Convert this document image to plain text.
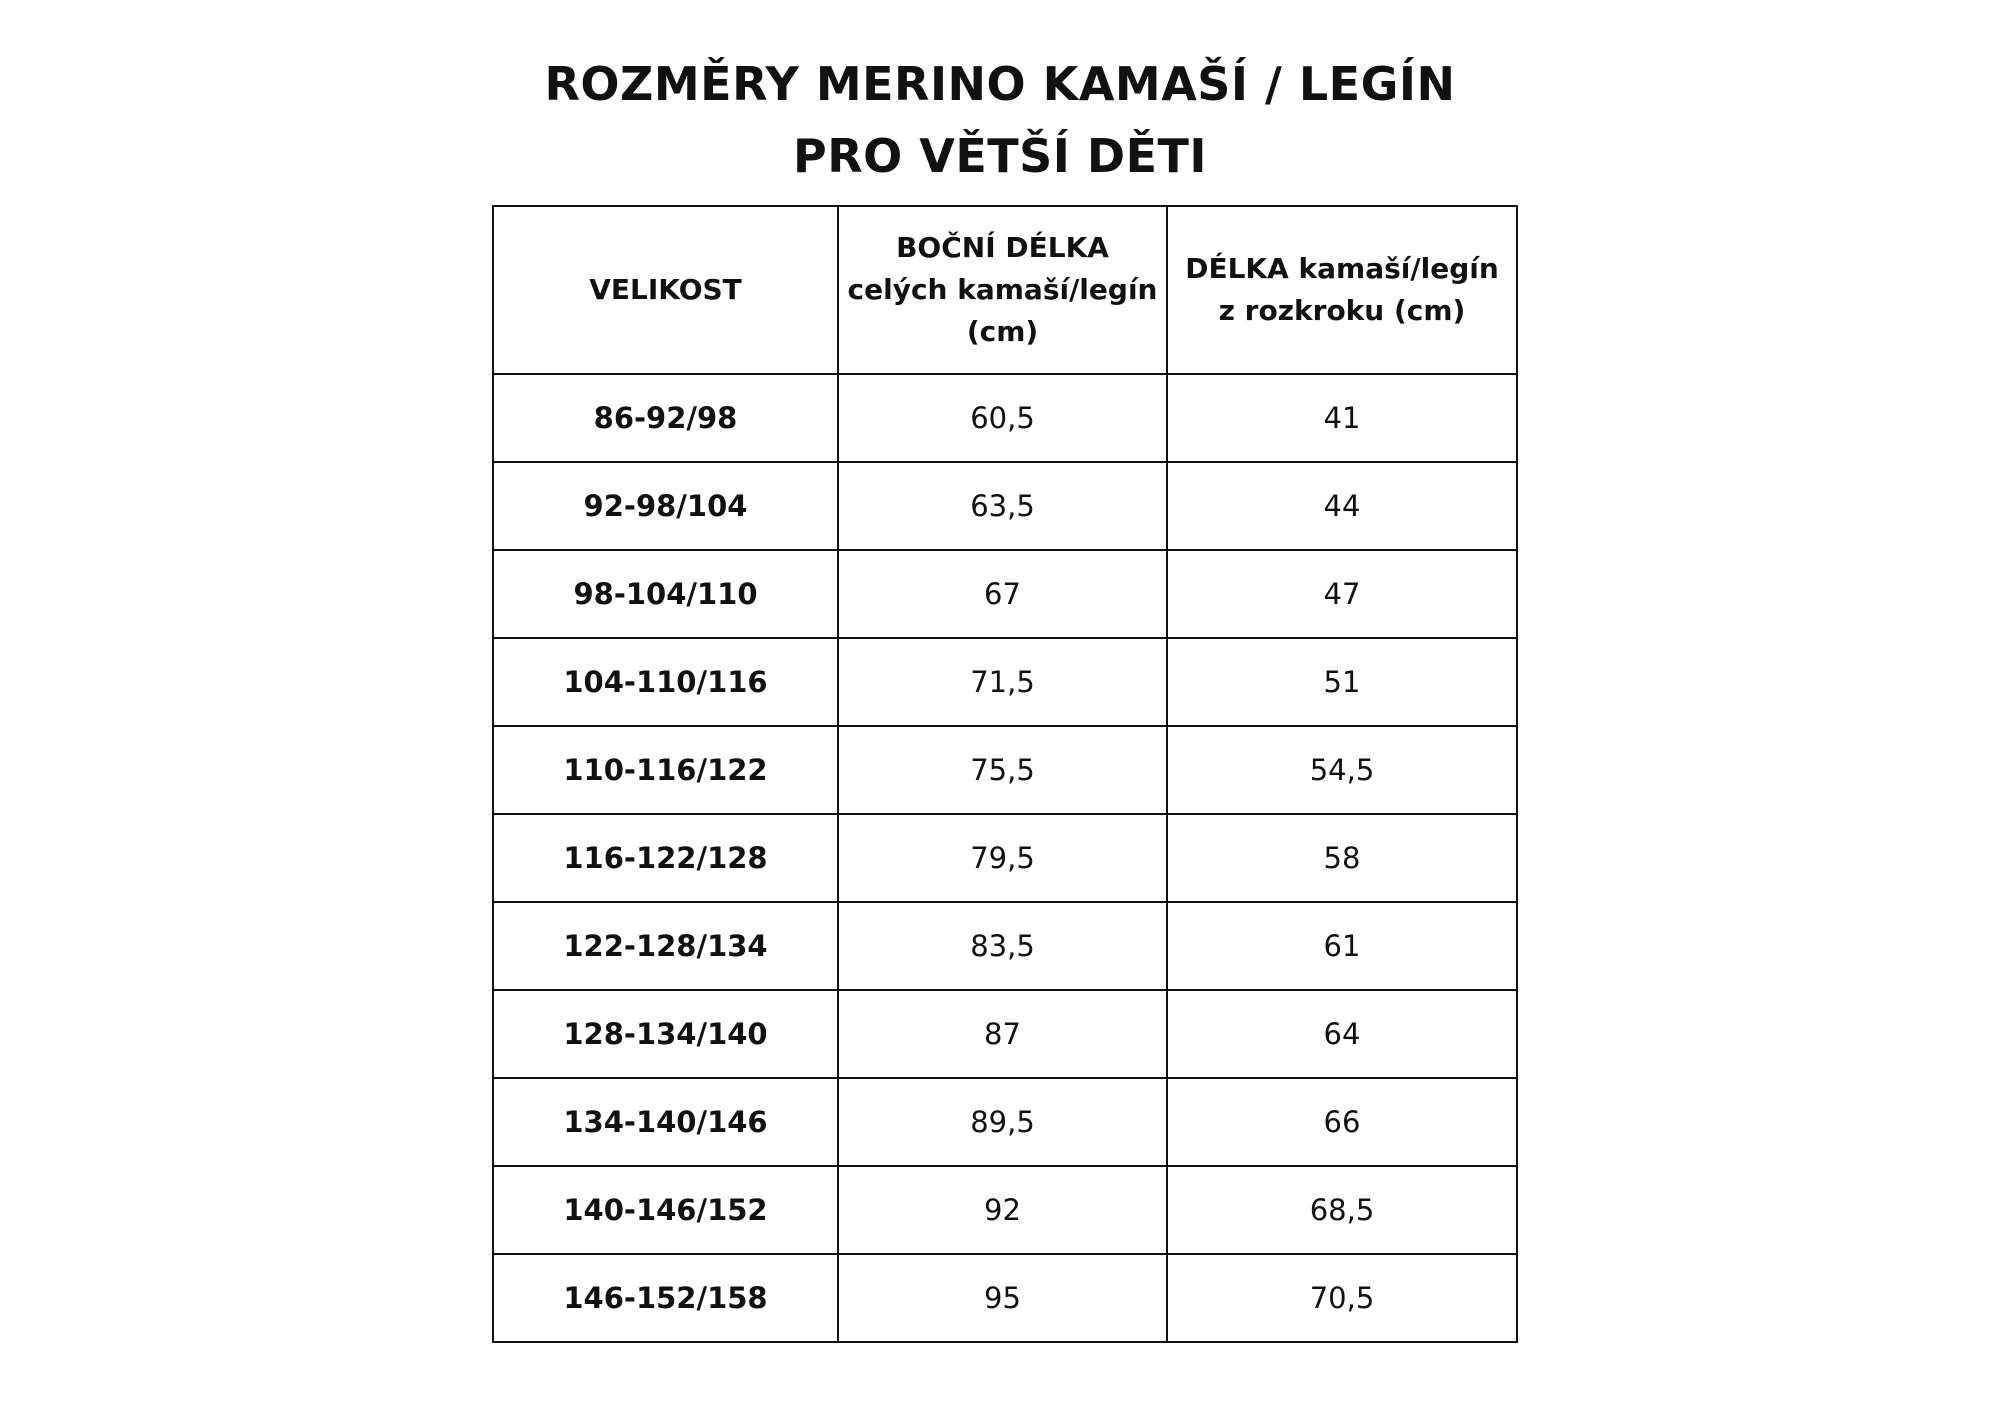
ROZMĚRY MERINO KAMAŠÍ / LEGÍN
PRO VĚTŠÍ DĚTI
VELIKOST	BOČNÍ DÉLKA celých kamaší/legín (cm)	DÉLKA kamaší/legín z rozkroku (cm)
86-92/98	60,5	41
92-98/104	63,5	44
98-104/110	67	47
104-110/116	71,5	51
110-116/122	75,5	54,5
116-122/128	79,5	58
122-128/134	83,5	61
128-134/140	87	64
134-140/146	89,5	66
140-146/152	92	68,5
146-152/158	95	70,5
